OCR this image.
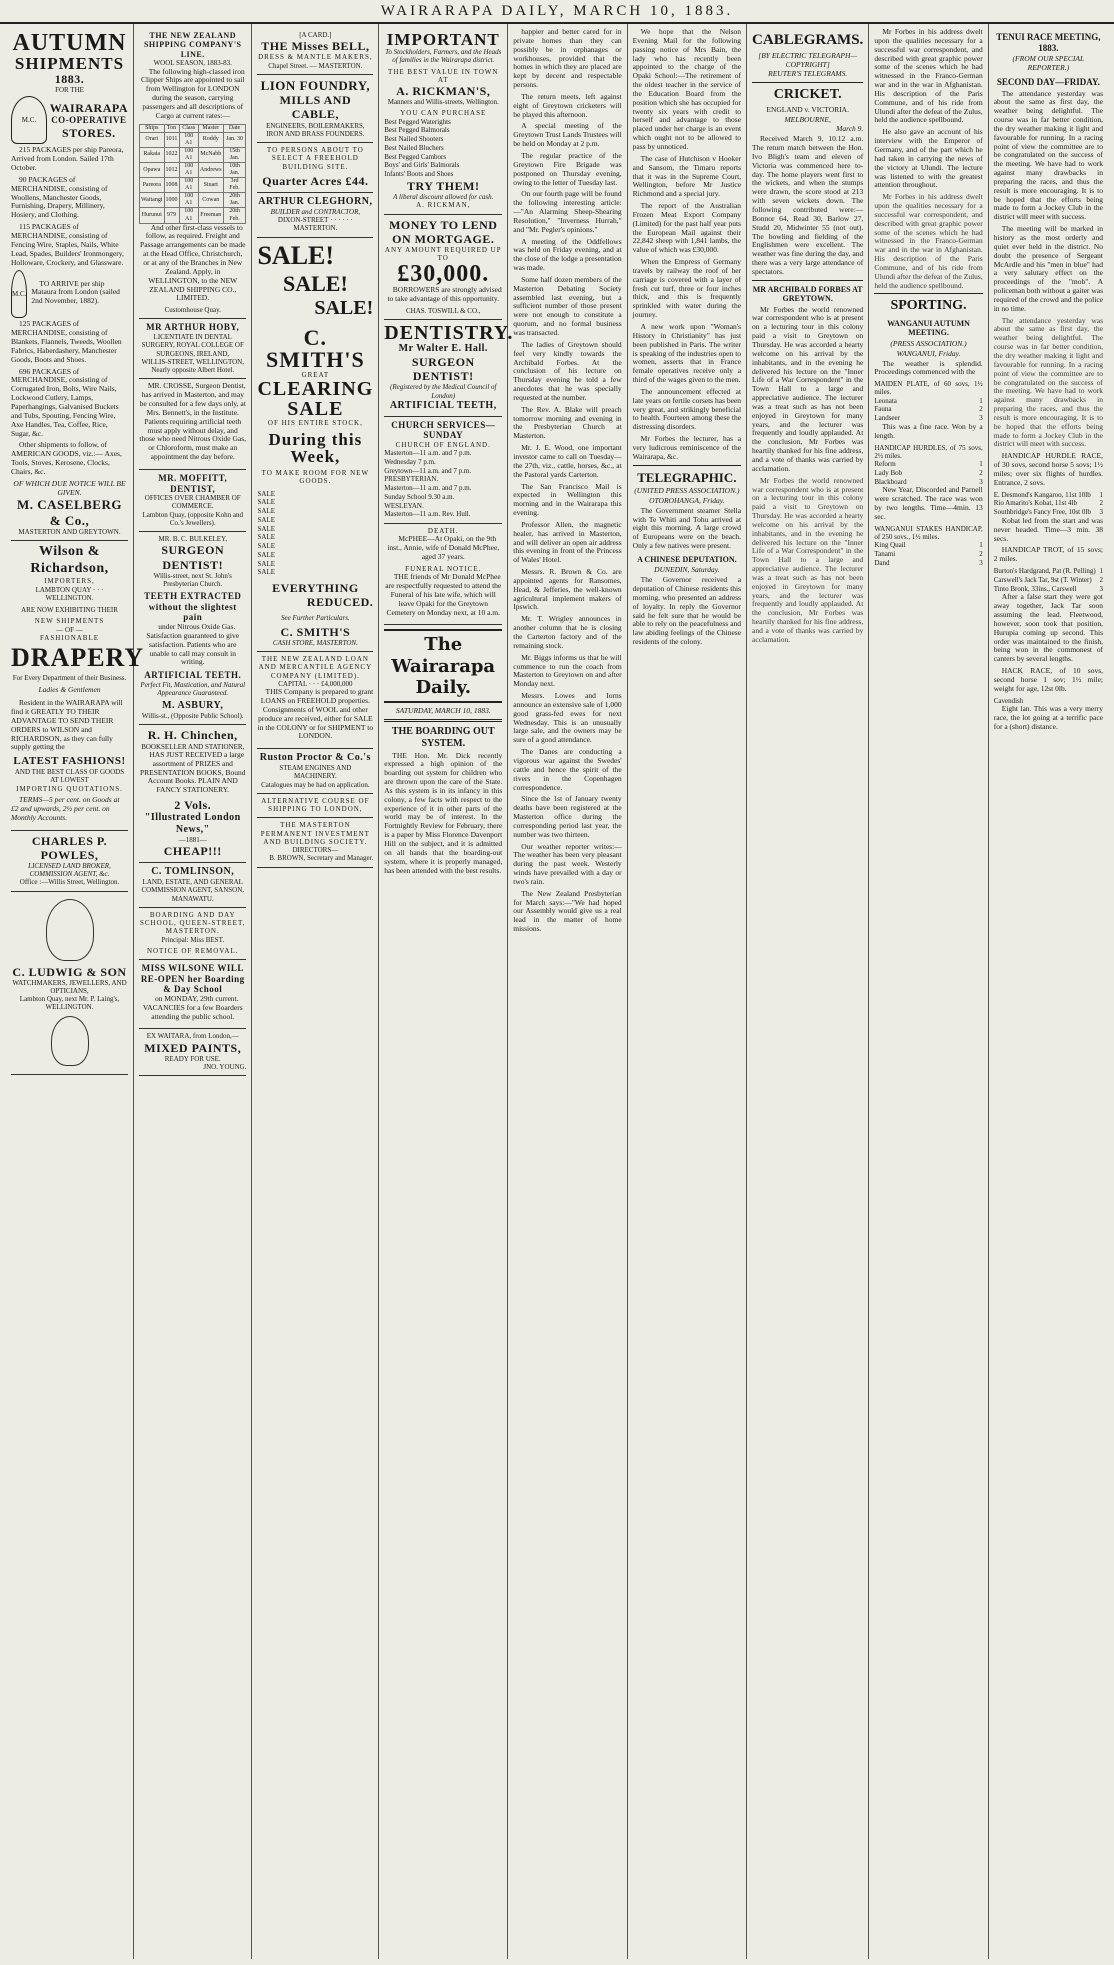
WAIRARAPA DAILY, MARCH 10, 1883.
AUTUMN
SHIPMENTS
1883.
FOR THE
M.C.
WAIRARAPA
CO-OPERATIVE
STORES.

215 PACKAGES per ship Pareora, Arrived from London. Sailed 17th October.

90 PACKAGES of MERCHANDISE, consisting of Woollens, Manchester Goods, Furnishing, Drapery, Millinery, Hosiery, and Clothing.

115 PACKAGES of MERCHANDISE, consisting of Fencing Wire, Staples, Nails, White Lead, Spades, Builders' Ironmongery, Holloware, Crockery, and Glassware.

M.C.

TO ARRIVE per ship Mataura from London (sailed 2nd November, 1882).

125 PACKAGES of MERCHANDISE, consisting of Blankets, Flannels, Tweeds, Woollen Fabrics, Haberdashery, Manchester Goods, Boots and Shoes.

696 PACKAGES of MERCHANDISE, consisting of Corrugated Iron, Bolts, Wire Nails, Lockwood Cutlery, Lamps, Paperhangings, Galvanised Buckets and Tubs, Spouting, Fencing Wire, Axe Handles, Tea, Coffee, Rice, Sugar, &c.

Other shipments to follow, of AMERICAN GOODS, viz.:— Axes, Tools, Stoves, Kerosene, Clocks, Chairs, &c.

OF WHICH DUE NOTICE WILL BE GIVEN.
M. CASELBERG & Co.,
MASTERTON AND GREYTOWN.
Wilson & Richardson,
IMPORTERS,
LAMBTON QUAY · · · WELLINGTON.
ARE NOW EXHIBITING THEIR
NEW SHIPMENTS
— OF —
FASHIONABLE
DRAPERY
For Every Department of their Business.
Ladies & Gentlemen

Resident in the WAIRARAPA will find it GREATLY TO THEIR ADVANTAGE TO SEND THEIR ORDERS to WILSON and RICHARDSON, as they can fully supply getting the

LATEST FASHIONS!
AND THE BEST CLASS OF GOODS AT LOWEST
IMPORTING QUOTATIONS.

TERMS—5 per cent. on Goods at £2 and upwards, 2½ per cent. on Monthly Accounts.

CHARLES P. POWLES,
LICENSED LAND BROKER, COMMISSION AGENT, &c.
Office :—Willis Street, Wellington.
C. LUDWIG & SON
WATCHMAKERS, JEWELLERS, AND OPTICIANS,
Lambton Quay, next Mr. P. Laing's, WELLINGTON.
THE NEW ZEALAND SHIPPING COMPANY'S LINE.
WOOL SEASON, 1883-83.

The following high-classed iron Clipper Ships are appointed to sail from Wellington for LONDON during the season, carrying passengers and all descriptions of Cargo at current rates:—

Ships	Ton	Class	Master	Date
Orari	1011	100 A1	Roddy	Jan. 30
Rakaia	1022	100 A1	McNabb	15th Jan.
Opawa	1012	100 A1	Andrews	10th Jan.
Pareora	1008	100 A1	Stuart	3rd Feb.
Waitangi	1000	100 A1	Cowan	20th Jan.
Hurunui	979	100 A1	Freeman	20th Feb.

And other first-class vessels to follow, as required. Freight and Passage arrangements can be made at the Head Office, Christchurch, or at any of the Branches in New Zealand. Apply, in WELLINGTON, to the NEW ZEALAND SHIPPING CO., LIMITED.

Customhouse Quay.
MR ARTHUR HOBY,
LICENTIATE IN DENTAL SURGERY, ROYAL COLLEGE OF SURGEONS, IRELAND,
WILLIS-STREET, WELLINGTON, Nearly opposite Albert Hotel.

MR. CROSSE, Surgeon Dentist, has arrived in Masterton, and may be consulted for a few days only, at Mrs. Bennett's, in the Institute. Patients requiring artificial teeth must apply without delay, and those who need Nitrous Oxide Gas, or Chloroform, must make an appointment the day before.

MR. MOFFITT, DENTIST,
OFFICES OVER CHAMBER OF COMMERCE.
Lambton Quay, (opposite Kohn and Co.'s Jewellers).
MR. B. C. BULKELEY,
SURGEON DENTIST!
Willis-street, next St. John's Presbyterian Church.
TEETH EXTRACTED without the slightest pain

under Nitrous Oxide Gas. Satisfaction guaranteed to give satisfaction. Patients who are unable to call may consult in writing.

ARTIFICIAL TEETH.
Perfect Fit, Mastication, and Natural Appearance Guaranteed.
M. ASBURY,
Willis-st., (Opposite Public School).
R. H. Chinchen,
BOOKSELLER AND STATIONER,

HAS JUST RECEIVED a large assortment of PRIZES and PRESENTATION BOOKS, Bound Account Books. PLAIN AND FANCY STATIONERY.

2 Vols.
"Illustrated London News,"
—1881—
CHEAP!!!
C. TOMLINSON,
LAND, ESTATE, AND GENERAL COMMISSION AGENT, SANSON, MANAWATU.
BOARDING AND DAY SCHOOL, QUEEN-STREET, MASTERTON.
Principal: Miss BEST.
NOTICE OF REMOVAL.
MISS WILSONE WILL RE-OPEN her Boarding & Day School

on MONDAY, 29th current. VACANCIES for a few Boarders attending the public school.

EX WAITARA, from London,—
MIXED PAINTS,
READY FOR USE.
JNO. YOUNG.
[A CARD.]
THE Misses BELL,
DRESS & MANTLE MAKERS,
Chapel Street. — MASTERTON.
LION FOUNDRY,
MILLS AND CABLE,
ENGINEERS, BOILERMAKERS, IRON AND BRASS FOUNDERS.
TO PERSONS ABOUT TO SELECT A FREEHOLD BUILDING SITE.
Quarter Acres £44.
ARTHUR CLEGHORN,
BUILDER and CONTRACTOR,
DIXON-STREET · · · · · · MASTERTON.
SALE!
SALE!
SALE!
C. SMITH'S
GREAT
CLEARING
SALE
OF HIS ENTIRE STOCK,
During this Week,
TO MAKE ROOM FOR NEW GOODS.
SALE
SALE
SALE
SALE
SALE
SALE
SALE
SALE
SALE
SALE
EVERYTHING
REDUCED.
See Further Particulars.
C. SMITH'S
CASH STORE, MASTERTON.
THE NEW ZEALAND LOAN AND MERCANTILE AGENCY COMPANY (LIMITED).
CAPITAL · · · £4,000,000

THIS Company is prepared to grant LOANS on FREEHOLD properties. Consignments of WOOL and other produce are received, either for SALE in the COLONY or for SHIPMENT to LONDON.

Ruston Proctor & Co.'s
STEAM ENGINES AND MACHINERY.
Catalogues may be had on application.
ALTERNATIVE COURSE OF SHIPPING TO LONDON,
THE MASTERTON PERMANENT INVESTMENT AND BUILDING SOCIETY.
DIRECTORS—
B. BROWN, Secretary and Manager.
IMPORTANT
To Stockholders, Farmers, and the Heads of families in the Wairarapa district.
THE BEST VALUE IN TOWN AT
A. RICKMAN'S,
Manners and Willis-streets, Wellington.
YOU CAN PURCHASE
Best Pegged Waterights
Best Pegged Balmorals
Best Nailed Shooters
Best Nailed Bluchers
Best Pegged Cambors
Boys' and Girls' Balmorals
Infants' Boots and Shoes
TRY THEM!
A liberal discount allowed for cash.
A. RICKMAN,
MONEY TO LEND ON MORTGAGE.
ANY AMOUNT REQUIRED UP TO
£30,000.

BORROWERS are strongly advised to take advantage of this opportunity.

CHAS. TOSWILL & CO.,
DENTISTRY.
Mr Walter E. Hall.
SURGEON DENTIST!
(Registered by the Medical Council of London)
ARTIFICIAL TEETH,
CHURCH SERVICES—SUNDAY
CHURCH OF ENGLAND.
Masterton—11 a.m. and 7 p.m.
Wednesday 7 p.m.
Greytown—11 a.m. and 7 p.m.
PRESBYTERIAN.
Masterton—11 a.m. and 7 p.m.
Sunday School 9.30 a.m.
WESLEYAN.
Masterton—11 a.m. Rev. Hull.
DEATH.

McPHEE—At Opaki, on the 9th inst., Annie, wife of Donald McPhee, aged 37 years.

FUNERAL NOTICE.

THE friends of Mr Donald McPhee are respectfully requested to attend the Funeral of his late wife, which will leave Opaki for the Greytown Cemetery on Monday next, at 10 a.m.

The Wairarapa Daily.
SATURDAY, MARCH 10, 1883.
THE BOARDING OUT SYSTEM.

THE Hon. Mr. Dick recently expressed a high opinion of the boarding out system for children who are thrown upon the care of the State. As this system is in its infancy in this colony, a few facts with respect to the experience of it in other parts of the world may be of interest. In the Fortnightly Review for February, there is a paper by Miss Florence Davenport Hill on the subject, and it is admitted on all hands that the boarding-out system, where it is properly managed, has been attended with the best results.

happier and better cared for in private homes than they can possibly be in orphanages or workhouses, provided that the homes in which they are placed are kept by decent and respectable persons.

The return meets, left against eight of Greytown cricketers will be played this afternoon.

A special meeting of the Greytown Trust Lands Trustees will be held on Monday at 2 p.m.

The regular practice of the Greytown Fire Brigade was postponed on Thursday evening, owing to the letter of Tuesday last.

On our fourth page will be found the following interesting article:—"An Alarming Sheep-Shearing Resolution," "Inverness Hurrah," and "Mr. Pegler's opinions."

A meeting of the Oddfellows was held on Friday evening, and at the close of the lodge a presentation was made.

Some half dozen members of the Masterton Debating Society assembled last evening, but a sufficient number of those present were not enough to constitute a quorum, and no formal business was transacted.

The ladies of Greytown should feel very kindly towards the Archibald Forbes. At the conclusion of his lecture on Thursday evening he told a few anecdotes that he was specially requested at the number.

The Rev. A. Blake will preach tomorrow morning and evening in the Presbyterian Church at Masterton.

Mr. J. E. Wood, one important investor came to call on Tuesday—the 27th, viz., cattle, horses, &c., at the Pastoral yards Carterton.

The San Francisco Mail is expected in Wellington this morning and in the Wairarapa this evening.

Professor Allen, the magnetic healer, has arrived in Masterton, and will deliver an open air address this evening in front of the Princess of Wales' Hotel.

Messrs. R. Brown & Co. are appointed agents for Ransomes, Head, & Jefferies, the well-known agricultural implement makers of Ipswich.

Mr. T. Wrigley announces in another column that he is closing the Carterton factory and of the remaining stock.

Mr. Biggs informs us that he will commence to run the coach from Masterton to Greytown on and after Monday next.

Messrs. Lowes and Iorns announce an extensive sale of 1,000 good grass-fed ewes for next Wednesday. This is an unusually large sale, and the owners may be sure of a good attendance.

The Danes are conducting a vigorous war against the Swedes' cattle and hence the spirit of the rivers in the Copenhagen correspondence.

Since the 1st of January twenty deaths have been registered at the Masterton office during the corresponding period last year, the number was two thirteen.

Our weather reporter writes:—The weather has been very pleasant during the past week. Westerly winds have prevailed with a day or two's rain.

The New Zealand Presbyterian for March says:—"We had hoped our Assembly would give us a real lead in the matter of home missions.

We hope that the Nelson Evening Mail for the following passing notice of Mrs Bain, the lady who has recently been appointed to the charge of the Opaki School:—The retirement of the oldest teacher in the service of the Education Board from the position which she has occupied for twenty six years with credit to herself and advantage to those placed under her charge is an event which ought not to be allowed to pass by unnoticed.

The case of Hutchison v Hooker and Sansom, the Timaru reports that it was in the Supreme Court, Wellington, before Mr Justice Richmond and a special jury.

The report of the Australian Frozen Meat Export Company (Limited) for the past half year puts the European Mail against their 22,842 sheep with 1,841 lambs, the value of which was £30,000.

When the Empress of Germany travels by railway the roof of her carriage is covered with a layer of fresh cut turf, three or four inches thick, and this is frequently sprinkled with water during the journey.

A new work upon "Woman's History in Christianity" has just been published in Paris. The writer is speaking of the industries open to women, asserts that in France female operatives receive only a third of the wages given to the men.

The announcement effected at late years on fertile corsets has been very great, and strikingly beneficial to health. Fourteen among these the distressing disorders.

Mr Forbes the lecturer, has a very ludicrous reminiscence of the Wairarapa, &c.

TELEGRAPHIC.
(UNITED PRESS ASSOCIATION.)
OTOROHANGA, Friday.

The Government steamer Stella with Te Whiti and Tohu arrived at eight this morning. A large crowd of Europeans were on the beach. Only a few natives were present.

A CHINESE DEPUTATION.
DUNEDIN, Saturday.

The Governor received a deputation of Chinese residents this morning, who presented an address of loyalty. In reply the Governor said he felt sure that he would be able to rely on the peacefulness and law abiding feelings of the Chinese residents of the colony.

CABLEGRAMS.
[BY ELECTRIC TELEGRAPH—COPYRIGHT]
REUTER'S TELEGRAMS.
CRICKET.
ENGLAND v. VICTORIA.
MELBOURNE,
March 9.

Received March 9, 10.12 a.m. The return match between the Hon. Ivo Bligh's team and eleven of Victoria was commenced here to-day. The home players went first to the wickets, and when the stumps were drawn, the score stood at 213 with seven wickets down. The following contributed were:—Bonnor 64, Read 30, Barlow 27, Studd 20, Midwinter 55 (not out). The bowling and fielding of the Englishmen were excellent. The weather was fine during the day, and there was a very large attendance of spectators.

MR ARCHIBALD FORBES AT GREYTOWN.

Mr Forbes the world renowned war correspondent who is at present on a lecturing tour in this colony paid a visit to Greytown on Thursday. He was accorded a hearty welcome on his arrival by the inhabitants, and in the evening he delivered his lecture on the "Inner Life of a War Correspondent" in the Town Hall to a large and appreciative audience. The lecturer was a treat such as has not been enjoyed in Greytown for many years, and the lecturer was frequently and loudly applauded. At the conclusion, Mr Forbes was heartily thanked for his fine address, and a vote of thanks was carried by acclamation.

Mr Forbes the world renowned war correspondent who is at present on a lecturing tour in this colony paid a visit to Greytown on Thursday. He was accorded a hearty welcome on his arrival by the inhabitants, and in the evening he delivered his lecture on the "Inner Life of a War Correspondent" in the Town Hall to a large and appreciative audience. The lecturer was a treat such as has not been enjoyed in Greytown for many years, and the lecturer was frequently and loudly applauded. At the conclusion, Mr Forbes was heartily thanked for his fine address, and a vote of thanks was carried by acclamation.

Mr Forbes in his address dwelt upon the qualities necessary for a successful war correspondent, and described with great graphic power some of the scenes which he had witnessed in the Franco-German war and in the war in Afghanistan. His description of the Paris Commune, and of his ride from Ulundi after the defeat of the Zulus, held the audience spellbound.

He also gave an account of his interview with the Emperor of Germany, and of the part which he had taken in carrying the news of the victory at Ulundi. The lecture was listened to with the greatest attention throughout.

Mr Forbes in his address dwelt upon the qualities necessary for a successful war correspondent, and described with great graphic power some of the scenes which he had witnessed in the Franco-German war and in the war in Afghanistan. His description of the Paris Commune, and of his ride from Ulundi after the defeat of the Zulus, held the audience spellbound.

SPORTING.
WANGANUI AUTUMN MEETING.
(PRESS ASSOCIATION.)
WANGANUI, Friday.

The weather is splendid. Proceedings commenced with the

MAIDEN PLATE, of 60 sovs, 1½ miles.
Leonata	1
Fauna	2
Landseer	3

This was a fine race. Won by a length.

HANDICAP HURDLES, of 75 sovs, 2½ miles.
Reform	1
Lady Bob	2
Blackboard	3

New Year, Discorded and Parnell were scratched. The race was won by two lengths. Time—4min. 13 sec.

WANGANUI STAKES HANDICAP, of 250 sovs., 1½ miles.
King Quail	1
Tanami	2
Dand	3
TENUI RACE MEETING, 1883.
(FROM OUR SPECIAL REPORTER.)
SECOND DAY—FRIDAY.

The attendance yesterday was about the same as first day, the weather being delightful. The course was in far better condition, the dry weather making it light and favourable for running. In a racing point of view the committee are to be congratulated on the success of the meeting. We have had to work against many drawbacks in preparing the races, and thus the result is more encouraging. It is to be hoped that the efforts being made to form a Jockey Club in the district will meet with success.

The meeting will be marked in history as the most orderly and quiet ever held in the district. No doubt the presence of Sergeant McArdle and his "men in blue" had a very salutary effect on the proceedings of the "mob". A policeman both without a gaiter was required of the crowd and the police in no time.

The attendance yesterday was about the same as first day, the weather being delightful. The course was in far better condition, the dry weather making it light and favourable for running. In a racing point of view the committee are to be congratulated on the success of the meeting. We have had to work against many drawbacks in preparing the races, and thus the result is more encouraging. It is to be hoped that the efforts being made to form a Jockey Club in the district will meet with success.

HANDICAP HURDLE RACE, of 30 sovs, second horse 5 sovs; 1½ miles; over six flights of hurdles. Entrance, 2 sovs.

E. Desmond's Kangaroo, 11st 10lb 1
Rio Amarito's Kobat, 11st 4lb	2
Southbridge's Fancy Free, 10st 0lb 3

Kobat led from the start and was never headed. Time—3 min. 38 secs.

HANDICAP TROT, of 15 sovs; 2 miles.

Burton's Hardgrand, Pat (R. Pelling) 1
Carswell's Jack Tar, 9st (T. Winter) 2
Tinto Bronk, 33ins., Carswell	3

After a false start they were got away together, Jack Tar soon assuming the lead. Fleetwood, however, soon took that position, Hurupia coming up second. This order was maintained to the finish, being won in the commonest of canters by several lengths.

HACK RACE, of 10 sovs, second horse 1 sov; 1½ mile; weight for age, 12st 0lb.

Cavendish

Eight lan. This was a very merry race, the lot going at a terrific pace for a (short) distance.
